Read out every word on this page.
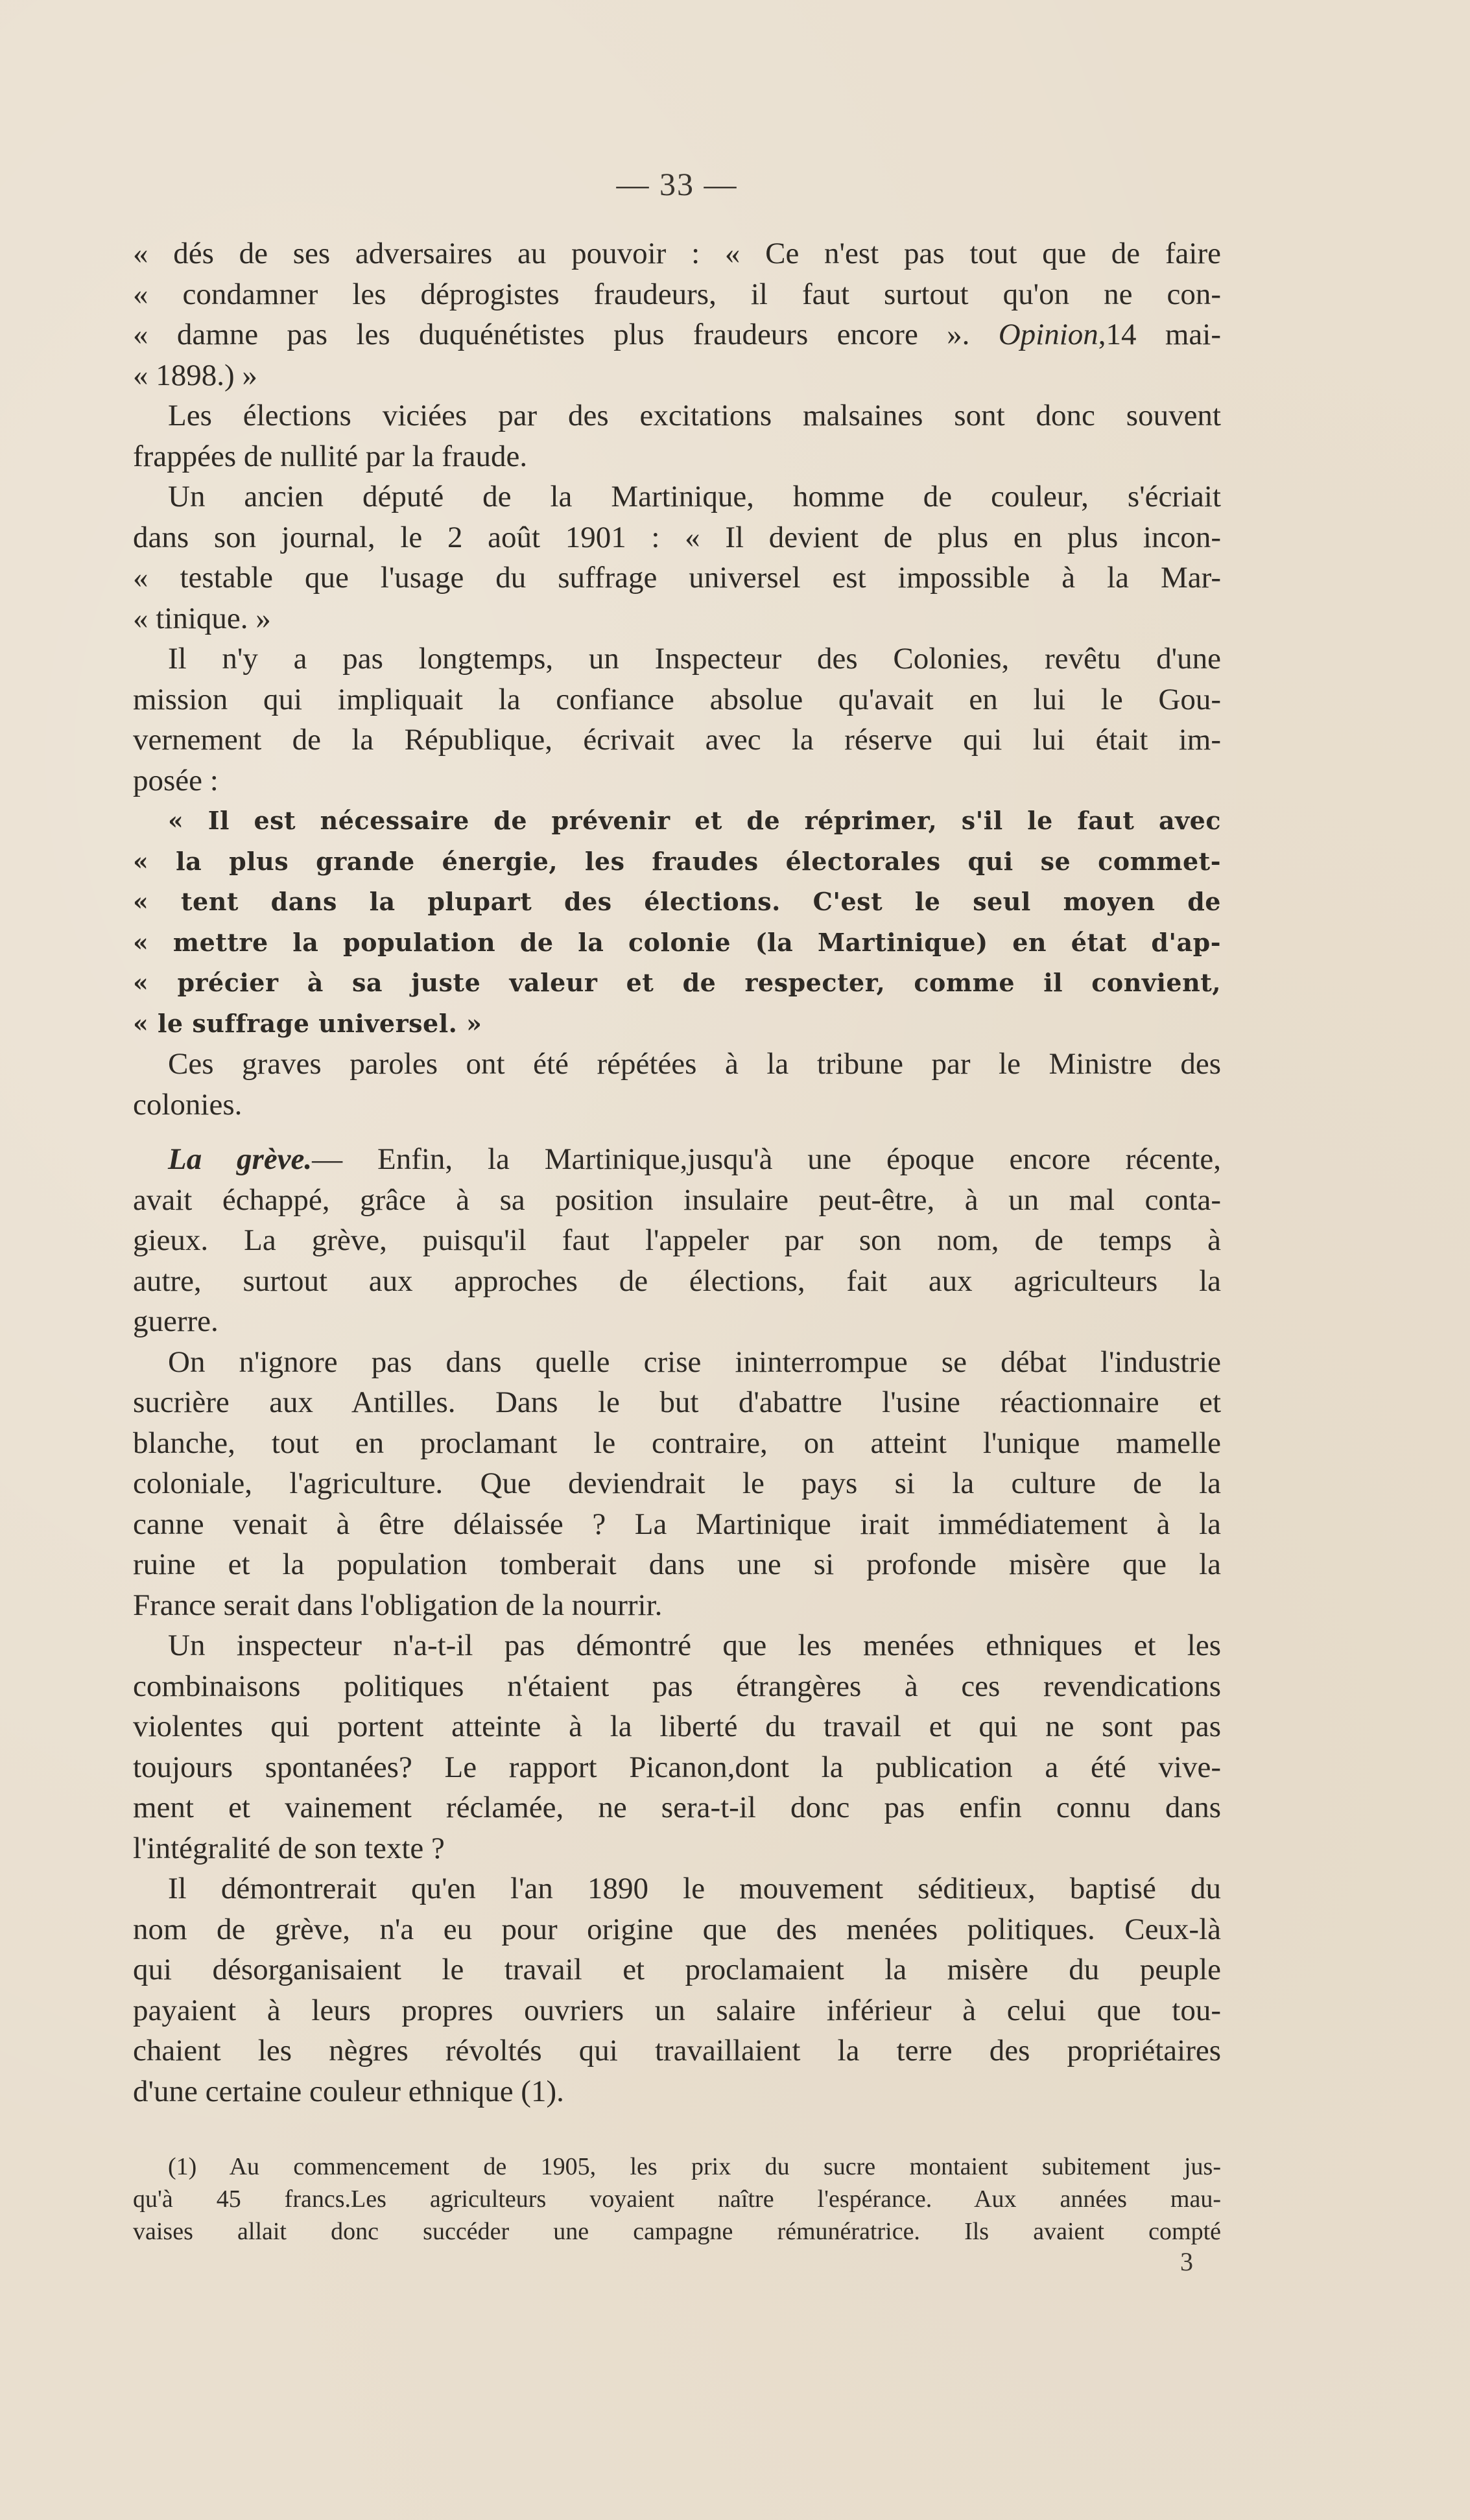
— 33 —

« dés de ses adversaires au pouvoir : « Ce n'est pas tout que de faire
« condamner les déprogistes fraudeurs, il faut surtout qu'on ne con-
« damne pas les duquénétistes plus fraudeurs encore ». Opinion,14 mai-
« 1898.) »

Les élections viciées par des excitations malsaines sont donc souvent
frappées de nullité par la fraude.

Un ancien député de la Martinique, homme de couleur, s'écriait
dans son journal, le 2 août 1901 : « Il devient de plus en plus incon-
« testable que l'usage du suffrage universel est impossible à la Mar-
« tinique. »

Il n'y a pas longtemps, un Inspecteur des Colonies, revêtu d'une
mission qui impliquait la confiance absolue qu'avait en lui le Gou-
vernement de la République, écrivait avec la réserve qui lui était im-
posée :

« Il est nécessaire de prévenir et de réprimer, s'il le faut avec
« la plus grande énergie, les fraudes électorales qui se commet-
« tent dans la plupart des élections. C'est le seul moyen de
« mettre la population de la colonie (la Martinique) en état d'ap-
« précier à sa juste valeur et de respecter, comme il convient,
« le suffrage universel. »

Ces graves paroles ont été répétées à la tribune par le Ministre des
colonies.

La grève.— Enfin, la Martinique,jusqu'à une époque encore récente,
avait échappé, grâce à sa position insulaire peut-être, à un mal conta-
gieux. La grève, puisqu'il faut l'appeler par son nom, de temps à
autre, surtout aux approches de élections, fait aux agriculteurs la
guerre.

On n'ignore pas dans quelle crise ininterrompue se débat l'industrie
sucrière aux Antilles. Dans le but d'abattre l'usine réactionnaire et
blanche, tout en proclamant le contraire, on atteint l'unique mamelle
coloniale, l'agriculture. Que deviendrait le pays si la culture de la
canne venait à être délaissée ? La Martinique irait immédiatement à la
ruine et la population tomberait dans une si profonde misère que la
France serait dans l'obligation de la nourrir.

Un inspecteur n'a-t-il pas démontré que les menées ethniques et les
combinaisons politiques n'étaient pas étrangères à ces revendications
violentes qui portent atteinte à la liberté du travail et qui ne sont pas
toujours spontanées? Le rapport Picanon,dont la publication a été vive-
ment et vainement réclamée, ne sera-t-il donc pas enfin connu dans
l'intégralité de son texte ?

Il démontrerait qu'en l'an 1890 le mouvement séditieux, baptisé du
nom de grève, n'a eu pour origine que des menées politiques. Ceux-là
qui désorganisaient le travail et proclamaient la misère du peuple
payaient à leurs propres ouvriers un salaire inférieur à celui que tou-
chaient les nègres révoltés qui travaillaient la terre des propriétaires
d'une certaine couleur ethnique (1).

(1) Au commencement de 1905, les prix du sucre montaient subitement jus-
qu'à 45 francs.Les agriculteurs voyaient naître l'espérance. Aux années mau-
vaises allait donc succéder une campagne rémunératrice. Ils avaient compté
3
